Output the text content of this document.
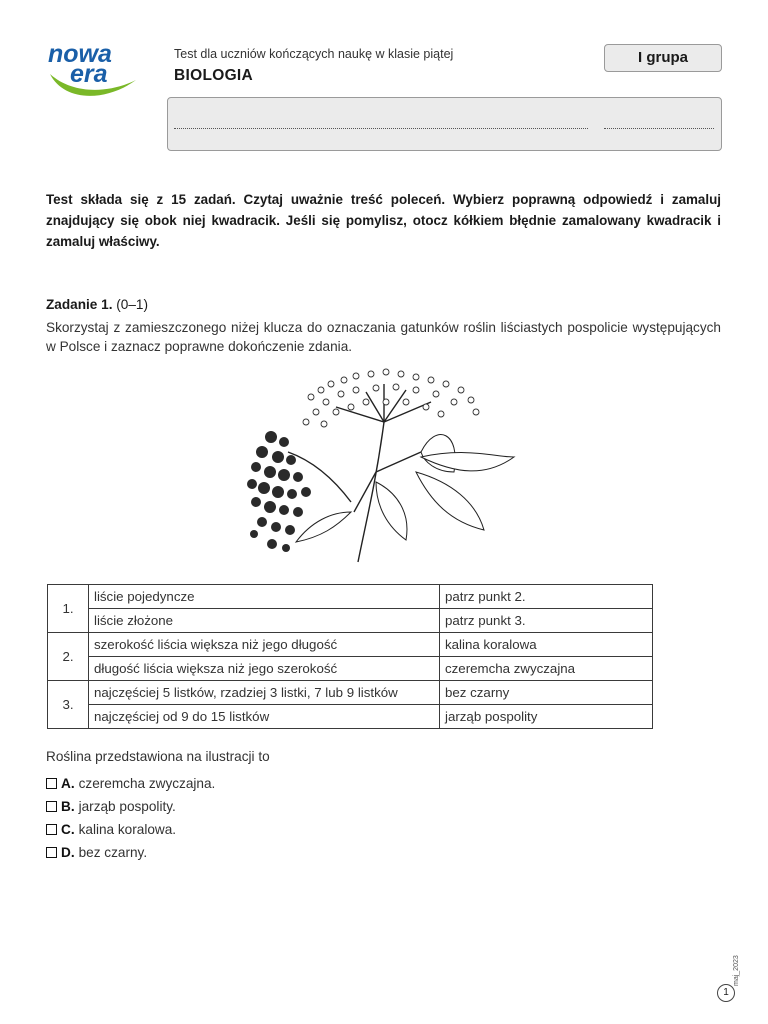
nowa
era
Test dla uczniów kończących naukę w klasie piątej
BIOLOGIA
I grupa

Test składa się z 15 zadań. Czytaj uważnie treść poleceń. Wybierz poprawną odpowiedź i zamaluj znajdujący się obok niej kwadracik. Jeśli się pomylisz, otocz kółkiem błędnie zamalowany kwadracik i zamaluj właściwy.

Zadanie 1. (0–1)

Skorzystaj z zamieszczonego niżej klucza do oznaczania gatunków roślin liściastych pospolicie występujących w Polsce i zaznacz poprawne dokończenie zdania.

1.	liście pojedyncze	patrz punkt 2.
	liście złożone	patrz punkt 3.
2.	szerokość liścia większa niż jego długość	kalina koralowa
	długość liścia większa niż jego szerokość	czeremcha zwyczajna
3.	najczęściej 5 listków, rzadziej 3 listki, 7 lub 9 listków	bez czarny
	najczęściej od 9 do 15 listków	jarząb pospolity
Roślina przedstawiona na ilustracji to
A. czeremcha zwyczajna.
B. jarząb pospolity.
C. kalina koralowa.
D. bez czarny.
1
maj_2023
